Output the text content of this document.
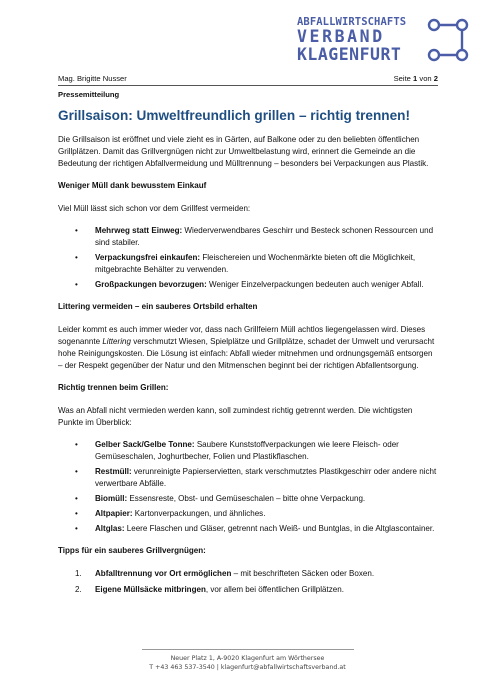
ABFALLWIRTSCHAFTS
VERBAND
KLAGENFURT
Mag. Brigitte Nusser	Seite 1 von 2
Pressemitteilung
Grillsaison: Umweltfreundlich grillen – richtig trennen!

Die Grillsaison ist eröffnet und viele zieht es in Gärten, auf Balkone oder zu den beliebten öffentlichen Grillplätzen. Damit das Grillvergnügen nicht zur Umweltbelastung wird, erinnert die Gemeinde an die Bedeutung der richtigen Abfallvermeidung und Mülltrennung – besonders bei Verpackungen aus Plastik.

Weniger Müll dank bewusstem Einkauf

Viel Müll lässt sich schon vor dem Grillfest vermeiden:

• Mehrweg statt Einweg: Wiederverwendbares Geschirr und Besteck schonen Ressourcen und sind stabiler.
• Verpackungsfrei einkaufen: Fleischereien und Wochenmärkte bieten oft die Möglichkeit, mitgebrachte Behälter zu verwenden.
• Großpackungen bevorzugen: Weniger Einzelverpackungen bedeuten auch weniger Abfall.
Littering vermeiden – ein sauberes Ortsbild erhalten

Leider kommt es auch immer wieder vor, dass nach Grillfeiern Müll achtlos liegengelassen wird. Dieses sogenannte Littering verschmutzt Wiesen, Spielplätze und Grillplätze, schadet der Umwelt und verursacht hohe Reinigungskosten. Die Lösung ist einfach: Abfall wieder mitnehmen und ordnungsgemäß entsorgen – der Respekt gegenüber der Natur und den Mitmenschen beginnt bei der richtigen Abfallentsorgung.

Richtig trennen beim Grillen:

Was an Abfall nicht vermieden werden kann, soll zumindest richtig getrennt werden. Die wichtigsten Punkte im Überblick:

• Gelber Sack/Gelbe Tonne: Saubere Kunststoffverpackungen wie leere Fleisch- oder Gemüseschalen, Joghurtbecher, Folien und Plastikflaschen.
• Restmüll: verunreinigte Papierservietten, stark verschmutztes Plastikgeschirr oder andere nicht verwertbare Abfälle.
• Biomüll: Essensreste, Obst- und Gemüseschalen – bitte ohne Verpackung.
• Altpapier: Kartonverpackungen, und ähnliches.
• Altglas: Leere Flaschen und Gläser, getrennt nach Weiß- und Buntglas, in die Altglascontainer.
Tipps für ein sauberes Grillvergnügen:
1. Abfalltrennung vor Ort ermöglichen – mit beschrifteten Säcken oder Boxen.
2. Eigene Müllsäcke mitbringen, vor allem bei öffentlichen Grillplätzen.
Neuer Platz 1, A-9020 Klagenfurt am Wörthersee
T +43 463 537-3540 | klagenfurt@abfallwirtschaftsverband.at
